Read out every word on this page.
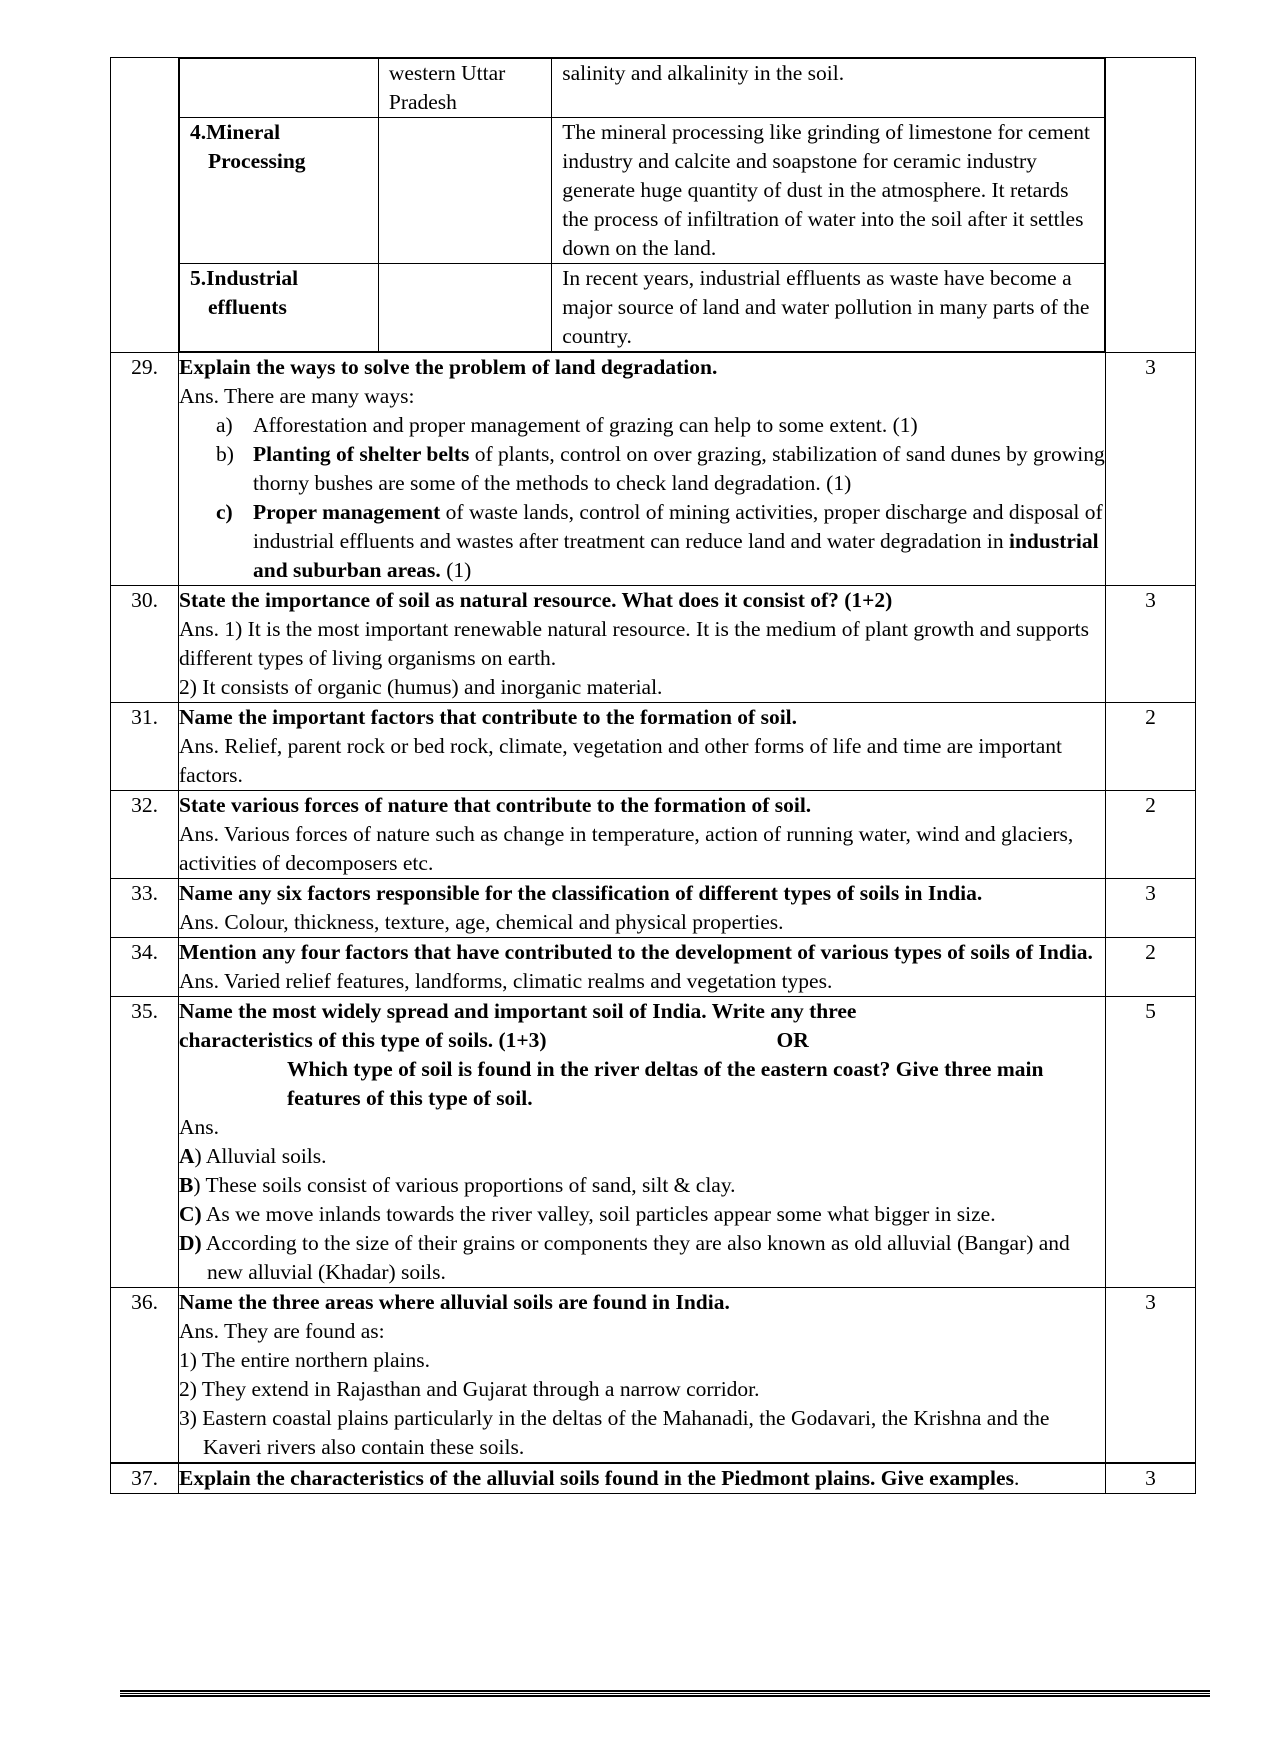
	western Uttar Pradesh	salinity and alkalinity in the soil.

4.Mineral
Processing
		The mineral processing like grinding of limestone for cement industry and calcite and soapstone for ceramic industry generate huge quantity of dust in the atmosphere. It retards the process of infiltration of water into the soil after it settles down on the land.

5.Industrial
effluents
		In recent years, industrial effluents as waste have become a major source of land and water pollution in many parts of the country.

29.	Explain the ways to solve the problem of land degradation.
Ans. There are many ways:
a) Afforestation and proper management of grazing can help to some extent. (1)
b) Planting of shelter belts of plants, control on over grazing, stabilization of sand dunes by growing thorny bushes are some of the methods to check land degradation. (1)
c) Proper management of waste lands, control of mining activities, proper discharge and disposal of industrial effluents and wastes after treatment can reduce land and water degradation in industrial and suburban areas. (1)
	3
30.	State the importance of soil as natural resource. What does it consist of? (1+2)
Ans. 1) It is the most important renewable natural resource. It is the medium of plant growth and supports different types of living organisms on earth.
2) It consists of organic (humus) and inorganic material.
	3
31.	Name the important factors that contribute to the formation of soil.
Ans. Relief, parent rock or bed rock, climate, vegetation and other forms of life and time are important factors.
	2
32.	State various forces of nature that contribute to the formation of soil.
Ans. Various forces of nature such as change in temperature, action of running water, wind and glaciers, activities of decomposers etc.
	2
33.	Name any six factors responsible for the classification of different types of soils in India.
Ans. Colour, thickness, texture, age, chemical and physical properties.
	3
34.	Mention any four factors that have contributed to the development of various types of soils of India.
Ans. Varied relief features, landforms, climatic realms and vegetation types.
	2
35.	Name the most widely spread and important soil of India. Write any three
characteristics of this type of soils. (1+3)	OR
Which type of soil is found in the river deltas of the eastern coast? Give three main features of this type of soil.
Ans.
A) Alluvial soils.
B) These soils consist of various proportions of sand, silt & clay.
C) As we move inlands towards the river valley, soil particles appear some what bigger in size.
D) According to the size of their grains or components they are also known as old alluvial (Bangar) and new alluvial (Khadar) soils.
	5
36.	Name the three areas where alluvial soils are found in India.
Ans. They are found as:
1) The entire northern plains.
2) They extend in Rajasthan and Gujarat through a narrow corridor.
3) Eastern coastal plains particularly in the deltas of the Mahanadi, the Godavari, the Krishna and the Kaveri rivers also contain these soils.
	3
37.	Explain the characteristics of the alluvial soils found in the Piedmont plains. Give examples.	3
